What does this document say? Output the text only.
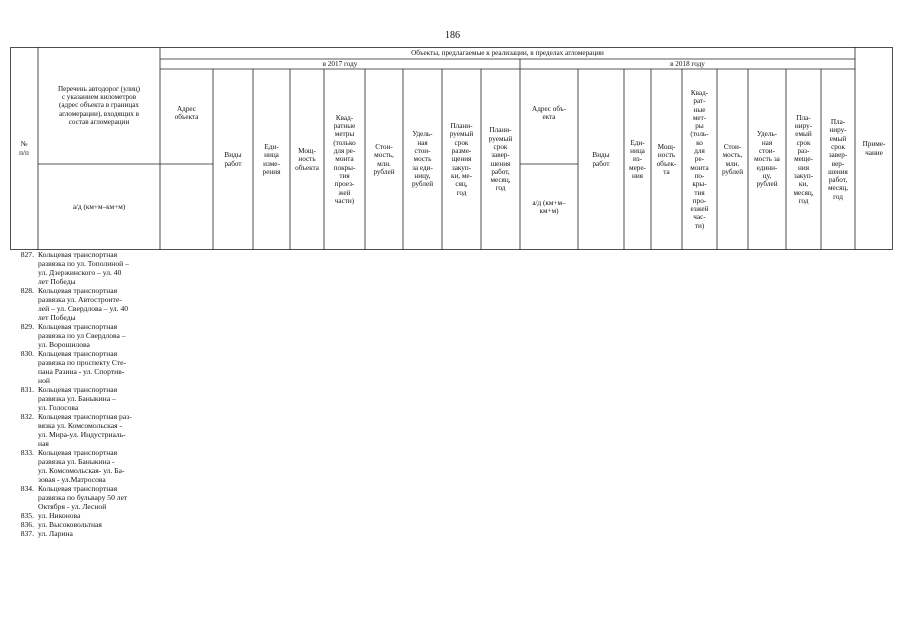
186
№
п/п
Перечень автодорог (улиц)
с указанием километров
(адрес объекта в границах
агломерации), входящих в
состав агломерации
а/д (км+м–км+м)
Объекты, предлагаемые к реализации, в пределах агломерации
Приме-
чание
в 2017 году
Адрес
объекта
Виды
работ
Еди-
ница
изме-
рения
Мощ-
ность
объекта
Квад-
ратные
метры
(только
для ре-
монта
покры-
тия
проез-
жей
части)
Стои-
мость,
млн.
рублей
Удель-
ная
стои-
мость
за еди-
ницу,
рублей
Плани-
руемый
срок
разме-
щения
закуп-
ки, ме-
сяц,
год
Плани-
руемый
срок
завер-
шения
работ,
месяц,
год
в 2018 году
Адрес объ-
екта
а/д (км+м–
км+м)
Виды
работ
Еди-
ница
из-
мере-
ния
Мощ-
ность
объек-
та
Квад-
рат-
ные
мет-
ры
(толь-
ко
для
ре-
монта
по-
кры-
тия
про-
езжей
час-
ти)
Стои-
мость,
млн.
рублей
Удель-
ная
стои-
мость за
единн-
цу,
рублей
Пла-
ниру-
емый
срок
раз-
меще-
ния
закуп-
ки,
месяц,
год
Пла-
ниру-
емый
срок
завер-
вер-
шения
работ,
месяц,
год
827. Кольцевая транспортная
развязка по ул. Тополиной –
ул. Дзержинского – ул. 40
лет Победы
828. Кольцевая транспортная
развязка ул. Автостроите-
лей – ул. Свердлова – ул. 40
лет Победы
829. Кольцевая транспортная
развязка по ул Свердлова –
ул. Ворошилова
830. Кольцевая транспортная
развязка по проспекту Сте-
пана Разина - ул. Спортив-
ной
831. Кольцевая транспортная
развязка ул. Баныкина –
ул. Голосова
832. Кольцевая транспортная раз-
вязка ул. Комсомольская -
ул. Мира-ул. Индустриаль-
ная
833. Кольцевая транспортная
развязка ул. Баныкина -
ул. Комсомольская- ул. Ба-
зовая - ул.Матросова
834. Кольцевая транспортная
развязка по бульвару 50 лет
Октября - ул. Лесной
835. ул. Никонова
836. ул. Высоковольтная
837. ул. Ларина
